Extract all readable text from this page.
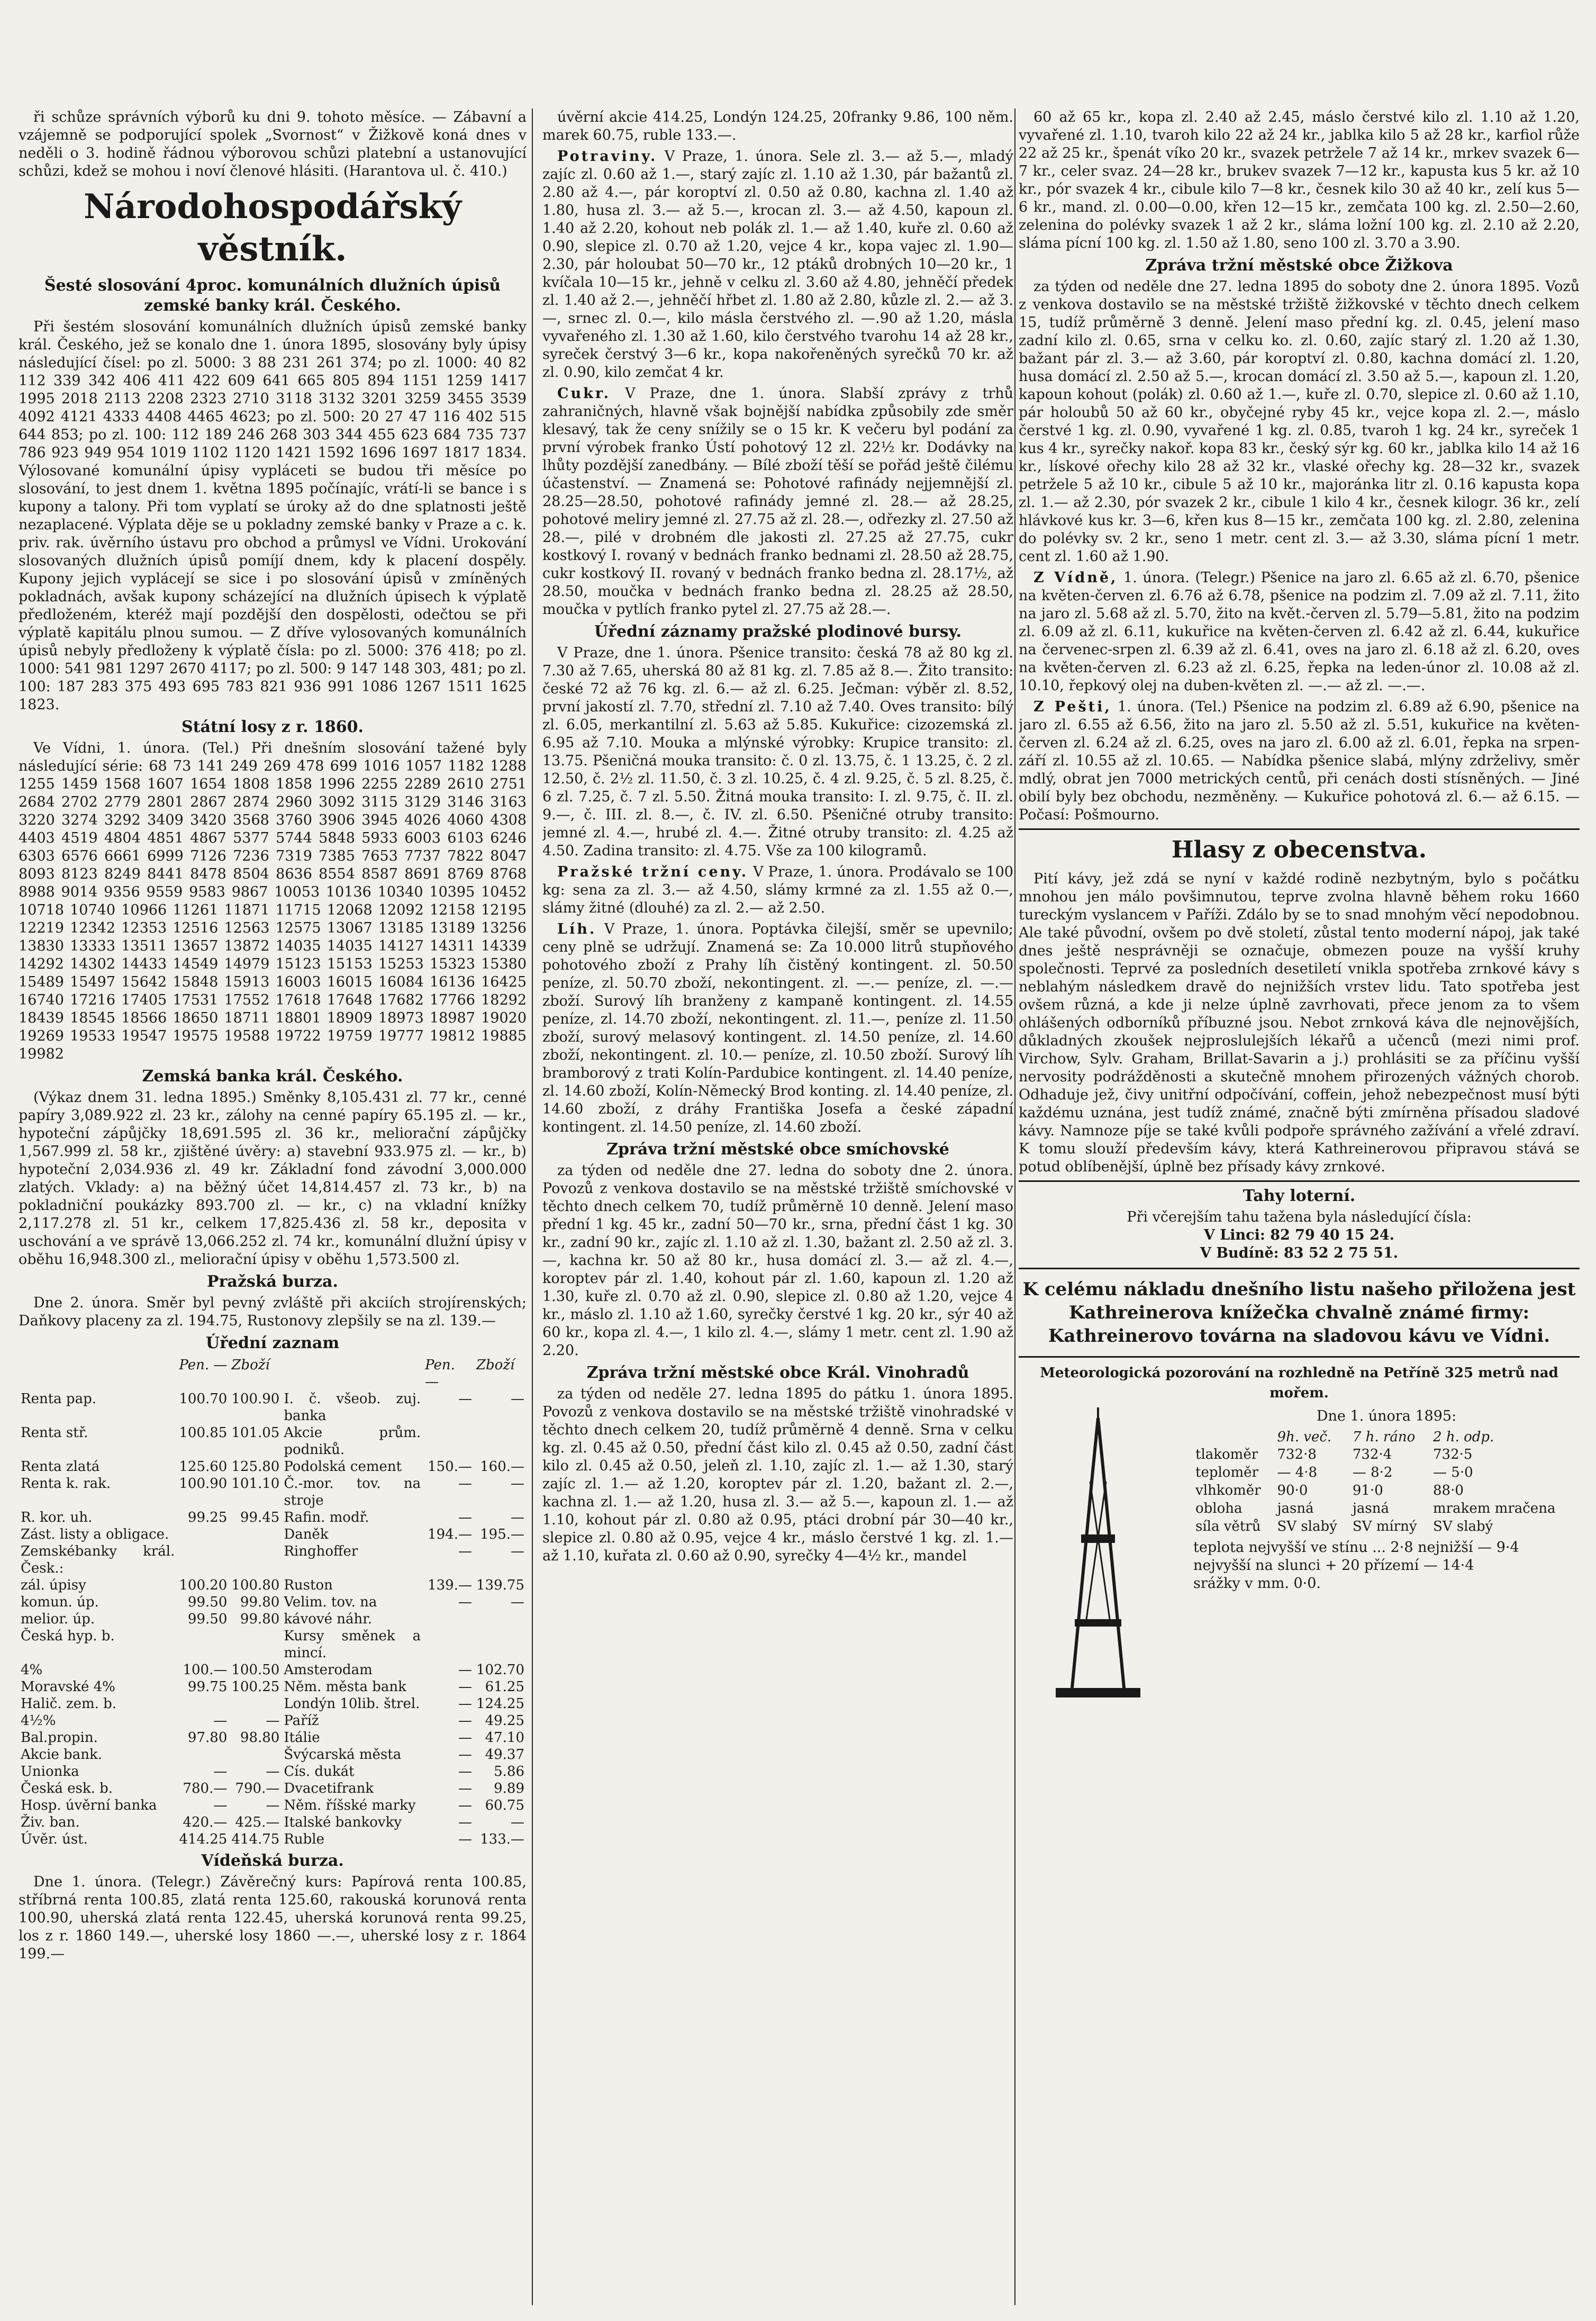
ři schůze správních výborů ku dni 9. tohoto měsíce. — Zábavní a vzájemně se podporující spolek „Svornost“ v Žižkově koná dnes v neděli o 3. hodině řádnou výborovou schůzi platební a ustanovující schůzi, kdež se mohou i noví členové hlásiti. (Harantova ul. č. 410.)

Národohospodářský věstník.
Šesté slosování 4proc. komunálních dlužních úpisů zemské banky král. Českého.

Při šestém slosování komunálních dlužních úpisů zemské banky král. Českého, jež se konalo dne 1. února 1895, slosovány byly úpisy následující čísel: po zl. 5000: 3 88 231 261 374; po zl. 1000: 40 82 112 339 342 406 411 422 609 641 665 805 894 1151 1259 1417 1995 2018 2113 2208 2323 2710 3118 3132 3201 3259 3455 3539 4092 4121 4333 4408 4465 4623; po zl. 500: 20 27 47 116 402 515 644 853; po zl. 100: 112 189 246 268 303 344 455 623 684 735 737 786 923 949 954 1019 1102 1120 1421 1592 1696 1697 1817 1834. Výlosované komunální úpisy vypláceti se budou tři měsíce po slosování, to jest dnem 1. května 1895 počínajíc, vrátí-li se bance i s kupony a talony. Při tom vyplatí se úroky až do dne splatnosti ještě nezaplacené. Výplata děje se u pokladny zemské banky v Praze a c. k. priv. rak. úvěrního ústavu pro obchod a průmysl ve Vídni. Urokování slosovaných dlužních úpisů pomíjí dnem, kdy k placení dospěly. Kupony jejich vyplácejí se sice i po slosování úpisů v zmíněných pokladnách, avšak kupony scházející na dlužních úpisech k výplatě předloženém, kteréž mají pozdější den dospělosti, odečtou se při výplatě kapitálu plnou sumou. — Z dříve vylosovaných komunálních úpisů nebyly předloženy k výplatě čísla: po zl. 5000: 376 418; po zl. 1000: 541 981 1297 2670 4117; po zl. 500: 9 147 148 303, 481; po zl. 100: 187 283 375 493 695 783 821 936 991 1086 1267 1511 1625 1823.

Státní losy z r. 1860.

Ve Vídni, 1. února. (Tel.) Při dnešním slosování tažené byly následující série: 68 73 141 249 269 478 699 1016 1057 1182 1288 1255 1459 1568 1607 1654 1808 1858 1996 2255 2289 2610 2751 2684 2702 2779 2801 2867 2874 2960 3092 3115 3129 3146 3163 3220 3274 3292 3409 3420 3568 3760 3906 3945 4026 4060 4308 4403 4519 4804 4851 4867 5377 5744 5848 5933 6003 6103 6246 6303 6576 6661 6999 7126 7236 7319 7385 7653 7737 7822 8047 8093 8123 8249 8441 8478 8504 8636 8554 8587 8691 8769 8768 8988 9014 9356 9559 9583 9867 10053 10136 10340 10395 10452 10718 10740 10966 11261 11871 11715 12068 12092 12158 12195 12219 12342 12353 12516 12563 12575 13067 13185 13189 13256 13830 13333 13511 13657 13872 14035 14035 14127 14311 14339 14292 14302 14433 14549 14979 15123 15153 15253 15323 15380 15489 15497 15642 15848 15913 16003 16015 16084 16136 16425 16740 17216 17405 17531 17552 17618 17648 17682 17766 18292 18439 18545 18566 18650 18711 18801 18909 18973 18987 19020 19269 19533 19547 19575 19588 19722 19759 19777 19812 19885 19982

Zemská banka král. Českého.

(Výkaz dnem 31. ledna 1895.) Směnky 8,105.431 zl. 77 kr., cenné papíry 3,089.922 zl. 23 kr., zálohy na cenné papíry 65.195 zl. — kr., hypoteční zápůjčky 18,691.595 zl. 36 kr., meliorační zápůjčky 1,567.999 zl. 58 kr., zjištěné úvěry: a) stavební 933.975 zl. — kr., b) hypoteční 2,034.936 zl. 49 kr. Základní fond závodní 3,000.000 zlatých. Vklady: a) na běžný účet 14,814.457 zl. 73 kr., b) na pokladniční poukázky 893.700 zl. — kr., c) na vkladní knížky 2,117.278 zl. 51 kr., celkem 17,825.436 zl. 58 kr., deposita v uschování a ve správě 13,066.252 zl. 74 kr., komunální dlužní úpisy v oběhu 16,948.300 zl., meliorační úpisy v oběhu 1,573.500 zl.

Pražská burza.

Dne 2. února. Směr byl pevný zvláště při akciích strojírenských; Daňkovy placeny za zl. 194.75, Rustonovy zlepšily se na zl. 139.—

Úřední zaznam
	Pen. —	Zboží		Pen. —	Zboží
Renta pap.	100.70	100.90	I. č. všeob. zuj. banka	—	—
Renta stř.	100.85	101.05	Akcie prům. podniků.		
Renta zlatá	125.60	125.80	Podolská cement	150.—	160.—
Renta k. rak.	100.90	101.10	Č.-mor. tov. na stroje	—	—
R. kor. uh.	99.25	99.45	Rafin. modř.	—	—
Zást. listy a obligace.			Daněk	194.—	195.—
Zemskébanky král. Česk.:			Ringhoffer	—	—
zál. úpisy	100.20	100.80	Ruston	139.—	139.75
komun. úp.	99.50	99.80	Velim. tov. na	—	—
melior. úp.	99.50	99.80	kávové náhr.		
Česká hyp. b.			Kursy směnek a mincí.		
4%	100.—	100.50	Amsterodam	—	102.70
Moravské 4%	99.75	100.25	Něm. města bank	—	61.25
Halič. zem. b.			Londýn 10lib. štrel.	—	124.25
4½%	—	—	Paříž	—	49.25
Bal.propin.	97.80	98.80	Itálie	—	47.10
Akcie bank.			Švýcarská města	—	49.37
Unionka	—	—	Cís. dukát	—	5.86
Česká esk. b.	780.—	790.—	Dvacetifrank	—	9.89
Hosp. úvěrní banka	—	—	Něm. říšské marky	—	60.75
Živ. ban.	420.—	425.—	Italské bankovky	—	—
Úvěr. úst.	414.25	414.75	Ruble	—	133.—
Vídeňská burza.

Dne 1. února. (Telegr.) Závěrečný kurs: Papírová renta 100.85, stříbrná renta 100.85, zlatá renta 125.60, rakouská korunová renta 100.90, uherská zlatá renta 122.45, uherská korunová renta 99.25, los z r. 1860 149.—, uherské losy 1860 —.—, uherské losy z r. 1864 199.—

úvěrní akcie 414.25, Londýn 124.25, 20franky 9.86, 100 něm. marek 60.75, ruble 133.—.

Potraviny. V Praze, 1. února. Sele zl. 3.— až 5.—, mladý zajíc zl. 0.60 až 1.—, starý zajíc zl. 1.10 až 1.30, pár bažantů zl. 2.80 až 4.—, pár koroptví zl. 0.50 až 0.80, kachna zl. 1.40 až 1.80, husa zl. 3.— až 5.—, krocan zl. 3.— až 4.50, kapoun zl. 1.40 až 2.20, kohout neb polák zl. 1.— až 1.40, kuře zl. 0.60 až 0.90, slepice zl. 0.70 až 1.20, vejce 4 kr., kopa vajec zl. 1.90—2.30, pár holoubat 50—70 kr., 12 ptáků drobných 10—20 kr., 1 kvíčala 10—15 kr., jehně v celku zl. 3.60 až 4.80, jehněčí předek zl. 1.40 až 2.—, jehněčí hřbet zl. 1.80 až 2.80, kůzle zl. 2.— až 3.—, srnec zl. 0.—, kilo másla čerstvého zl. —.90 až 1.20, másla vyvařeného zl. 1.30 až 1.60, kilo čerstvého tvarohu 14 až 28 kr., syreček čerstvý 3—6 kr., kopa nakořeněných syrečků 70 kr. až zl. 0.90, kilo zemčat 4 kr.

Cukr. V Praze, dne 1. února. Slabší zprávy z trhů zahraničných, hlavně však bojnější nabídka způsobily zde směr klesavý, tak že ceny snížily se o 15 kr. K večeru byl podání za první výrobek franko Ústí pohotový 12 zl. 22½ kr. Dodávky na lhůty pozdější zanedbány. — Bílé zboží těší se pořád ještě čilému účastenství. — Znamená se: Pohotové rafinády nejjemnější zl. 28.25—28.50, pohotové rafinády jemné zl. 28.— až 28.25, pohotové meliry jemné zl. 27.75 až zl. 28.—, odřezky zl. 27.50 až 28.—, pilé v drobném dle jakosti zl. 27.25 až 27.75, cukr kostkový I. rovaný v bednách franko bednami zl. 28.50 až 28.75, cukr kostkový II. rovaný v bednách franko bedna zl. 28.17½, až 28.50, moučka v bednách franko bedna zl. 28.25 až 28.50, moučka v pytlích franko pytel zl. 27.75 až 28.—.

Úřední záznamy pražské plodinové bursy.

V Praze, dne 1. února. Pšenice transito: česká 78 až 80 kg zl. 7.30 až 7.65, uherská 80 až 81 kg. zl. 7.85 až 8.—. Žito transito: české 72 až 76 kg. zl. 6.— až zl. 6.25. Ječman: výběr zl. 8.52, první jakostí zl. 7.70, střední zl. 7.10 až 7.40. Oves transito: bílý zl. 6.05, merkantilní zl. 5.63 až 5.85. Kukuřice: cizozemská zl. 6.95 až 7.10. Mouka a mlýnské výrobky: Krupice transito: zl. 13.75. Pšeničná mouka transito: č. 0 zl. 13.75, č. 1 13.25, č. 2 zl. 12.50, č. 2½ zl. 11.50, č. 3 zl. 10.25, č. 4 zl. 9.25, č. 5 zl. 8.25, č. 6 zl. 7.25, č. 7 zl. 5.50. Žitná mouka transito: I. zl. 9.75, č. II. zl. 9.—, č. III. zl. 8.—, č. IV. zl. 6.50. Pšeničné otruby transito: jemné zl. 4.—, hrubé zl. 4.—. Žitné otruby transito: zl. 4.25 až 4.50. Zadina transito: zl. 4.75. Vše za 100 kilogramů.

Pražské tržní ceny. V Praze, 1. února. Prodávalo se 100 kg: sena za zl. 3.— až 4.50, slámy krmné za zl. 1.55 až 0.—, slámy žitné (dlouhé) za zl. 2.— až 2.50.

Líh. V Praze, 1. února. Poptávka čilejší, směr se upevnilo; ceny plně se udržují. Znamená se: Za 10.000 litrů stupňového pohotového zboží z Prahy líh čistěný kontingent. zl. 50.50 peníze, zl. 50.70 zboží, nekontingent. zl. —.— peníze, zl. —.— zboží. Surový líh branženy z kampaně kontingent. zl. 14.55 peníze, zl. 14.70 zboží, nekontingent. zl. 11.—, peníze zl. 11.50 zboží, surový melasový kontingent. zl. 14.50 peníze, zl. 14.60 zboží, nekontingent. zl. 10.— peníze, zl. 10.50 zboží. Surový líh bramborový z trati Kolín-Pardubice kontingent. zl. 14.40 peníze, zl. 14.60 zboží, Kolín-Německý Brod konting. zl. 14.40 peníze, zl. 14.60 zboží, z dráhy Františka Josefa a české západní kontingent. zl. 14.50 peníze, zl. 14.60 zboží.

Zpráva tržní městské obce smíchovské

za týden od neděle dne 27. ledna do soboty dne 2. února. Povozů z venkova dostavilo se na městské tržiště smíchovské v těchto dnech celkem 70, tudíž průměrně 10 denně. Jelení maso přední 1 kg. 45 kr., zadní 50—70 kr., srna, přední část 1 kg. 30 kr., zadní 90 kr., zajíc zl. 1.10 až zl. 1.30, bažant zl. 2.50 až zl. 3.—, kachna kr. 50 až 80 kr., husa domácí zl. 3.— až zl. 4.—, koroptev pár zl. 1.40, kohout pár zl. 1.60, kapoun zl. 1.20 až 1.30, kuře zl. 0.70 až zl. 0.90, slepice zl. 0.80 až 1.20, vejce 4 kr., máslo zl. 1.10 až 1.60, syrečky čerstvé 1 kg. 20 kr., sýr 40 až 60 kr., kopa zl. 4.—, 1 kilo zl. 4.—, slámy 1 metr. cent zl. 1.90 až 2.20.

Zpráva tržní městské obce Král. Vinohradů

za týden od neděle 27. ledna 1895 do pátku 1. února 1895. Povozů z venkova dostavilo se na městské tržiště vinohradské v těchto dnech celkem 20, tudíž průměrně 4 denně. Srna v celku kg. zl. 0.45 až 0.50, přední část kilo zl. 0.45 až 0.50, zadní část kilo zl. 0.45 až 0.50, jeleň zl. 1.10, zajíc zl. 1.— až 1.30, starý zajíc zl. 1.— až 1.20, koroptev pár zl. 1.20, bažant zl. 2.—, kachna zl. 1.— až 1.20, husa zl. 3.— až 5.—, kapoun zl. 1.— až 1.10, kohout pár zl. 0.80 až 0.95, ptáci drobní pár 30—40 kr., slepice zl. 0.80 až 0.95, vejce 4 kr., máslo čerstvé 1 kg. zl. 1.— až 1.10, kuřata zl. 0.60 až 0.90, syrečky 4—4½ kr., mandel

60 až 65 kr., kopa zl. 2.40 až 2.45, máslo čerstvé kilo zl. 1.10 až 1.20, vyvařené zl. 1.10, tvaroh kilo 22 až 24 kr., jablka kilo 5 až 28 kr., karfiol růže 22 až 25 kr., špenát víko 20 kr., svazek petržele 7 až 14 kr., mrkev svazek 6—7 kr., celer svaz. 24—28 kr., brukev svazek 7—12 kr., kapusta kus 5 kr. až 10 kr., pór svazek 4 kr., cibule kilo 7—8 kr., česnek kilo 30 až 40 kr., zelí kus 5—6 kr., mand. zl. 0.00—0.00, křen 12—15 kr., zemčata 100 kg. zl. 2.50—2.60, zelenina do polévky svazek 1 až 2 kr., sláma ložní 100 kg. zl. 2.10 až 2.20, sláma pícní 100 kg. zl. 1.50 až 1.80, seno 100 zl. 3.70 a 3.90.

Zpráva tržní městské obce Žižkova

za týden od neděle dne 27. ledna 1895 do soboty dne 2. února 1895. Vozů z venkova dostavilo se na městské tržiště žižkovské v těchto dnech celkem 15, tudíž průměrně 3 denně. Jelení maso přední kg. zl. 0.45, jelení maso zadní kilo zl. 0.65, srna v celku ko. zl. 0.60, zajíc starý zl. 1.20 až 1.30, bažant pár zl. 3.— až 3.60, pár koroptví zl. 0.80, kachna domácí zl. 1.20, husa domácí zl. 2.50 až 5.—, krocan domácí zl. 3.50 až 5.—, kapoun zl. 1.20, kapoun kohout (polák) zl. 0.60 až 1.—, kuře zl. 0.70, slepice zl. 0.60 až 1.10, pár holoubů 50 až 60 kr., obyčejné ryby 45 kr., vejce kopa zl. 2.—, máslo čerstvé 1 kg. zl. 0.90, vyvařené 1 kg. zl. 0.85, tvaroh 1 kg. 24 kr., syreček 1 kus 4 kr., syrečky nakoř. kopa 83 kr., český sýr kg. 60 kr., jablka kilo 14 až 16 kr., lískové ořechy kilo 28 až 32 kr., vlaské ořechy kg. 28—32 kr., svazek petržele 5 až 10 kr., cibule 5 až 10 kr., majoránka litr zl. 0.16 kapusta kopa zl. 1.— až 2.30, pór svazek 2 kr., cibule 1 kilo 4 kr., česnek kilogr. 36 kr., zelí hlávkové kus kr. 3—6, křen kus 8—15 kr., zemčata 100 kg. zl. 2.80, zelenina do polévky sv. 2 kr., seno 1 metr. cent zl. 3.— až 3.30, sláma pícní 1 metr. cent zl. 1.60 až 1.90.

Z Vídně, 1. února. (Telegr.) Pšenice na jaro zl. 6.65 až zl. 6.70, pšenice na květen-červen zl. 6.76 až 6.78, pšenice na podzim zl. 7.09 až zl. 7.11, žito na jaro zl. 5.68 až zl. 5.70, žito na květ.-červen zl. 5.79—5.81, žito na podzim zl. 6.09 až zl. 6.11, kukuřice na květen-červen zl. 6.42 až zl. 6.44, kukuřice na červenec-srpen zl. 6.39 až zl. 6.41, oves na jaro zl. 6.18 až zl. 6.20, oves na květen-červen zl. 6.23 až zl. 6.25, řepka na leden-únor zl. 10.08 až zl. 10.10, řepkový olej na duben-květen zl. —.— až zl. —.—.

Z Pešti, 1. února. (Tel.) Pšenice na podzim zl. 6.89 až 6.90, pšenice na jaro zl. 6.55 až 6.56, žito na jaro zl. 5.50 až zl. 5.51, kukuřice na květen-červen zl. 6.24 až zl. 6.25, oves na jaro zl. 6.00 až zl. 6.01, řepka na srpen-září zl. 10.55 až zl. 10.65. — Nabídka pšenice slabá, mlýny zdrželivy, směr mdlý, obrat jen 7000 metrických centů, při cenách dosti stísněných. — Jiné obilí byly bez obchodu, nezměněny. — Kukuřice pohotová zl. 6.— až 6.15. — Počasí: Pošmourno.

Hlasy z obecenstva.

Pití kávy, jež zdá se nyní v každé rodině nezbytným, bylo s počátku mnohou jen málo povšimnutou, teprve zvolna hlavně během roku 1660 tureckým vyslancem v Paříži. Zdálo by se to snad mnohým věcí nepodobnou. Ale také původní, ovšem po dvě století, zůstal tento moderní nápoj, jak také dnes ještě nesprávněji se označuje, obmezen pouze na vyšší kruhy společnosti. Teprvé za posledních desetiletí vnikla spotřeba zrnkové kávy s neblahým následkem dravě do nejnižších vrstev lidu. Tato spotřeba jest ovšem různá, a kde ji nelze úplně zavrhovati, přece jenom za to všem ohlášených odborníků příbuzné jsou. Nebot zrnková káva dle nejnovějších, důkladných zkoušek nejproslulejších lékařů a učenců (mezi nimi prof. Virchow, Sylv. Graham, Brillat-Savarin a j.) prohlásiti se za příčinu vyšší nervosity podrážděnosti a skutečně mnohem přirozených vážných chorob. Odhaduje jež, čivy unitřní odpočívání, coffein, jehož nebezpečnost musí býti každému uznána, jest tudíž známé, značně býti zmírněna přísadou sladové kávy. Namnoze píje se také kvůli podpoře správného zažívání a vřelé zdraví. K tomu slouží především kávy, která Kathreinerovou připravou stává se potud oblíbenější, úplně bez přísady kávy zrnkové.

Tahy loterní.
Při včerejším tahu tažena byla následující čísla:
V Linci: 82 79 40 15 24.
V Budíně: 83 52 2 75 51.
K celému nákladu dnešního listu našeho přiložena jest Kathreinerova knížečka chvalně známé firmy: Kathreinerovo továrna na sladovou kávu ve Vídni.
Meteorologická pozorování na rozhledně na Petříně 325 metrů nad mořem.
Dne 1. února 1895:
	9h. več.	7 h. ráno	2 h. odp.
tlakoměr	732·8	732·4	732·5
teploměr	— 4·8	— 8·2	— 5·0
vlhkoměr	90·0	91·0	88·0
obloha	jasná	jasná	mrakem mračena
síla větrů	SV slabý	SV mírný	SV slabý
teplota nejvyšší ve stínu ... 2·8 nejnižší — 9·4
nejvyšší na slunci + 20 přízemí — 14·4
srážky v mm. 0·0.
